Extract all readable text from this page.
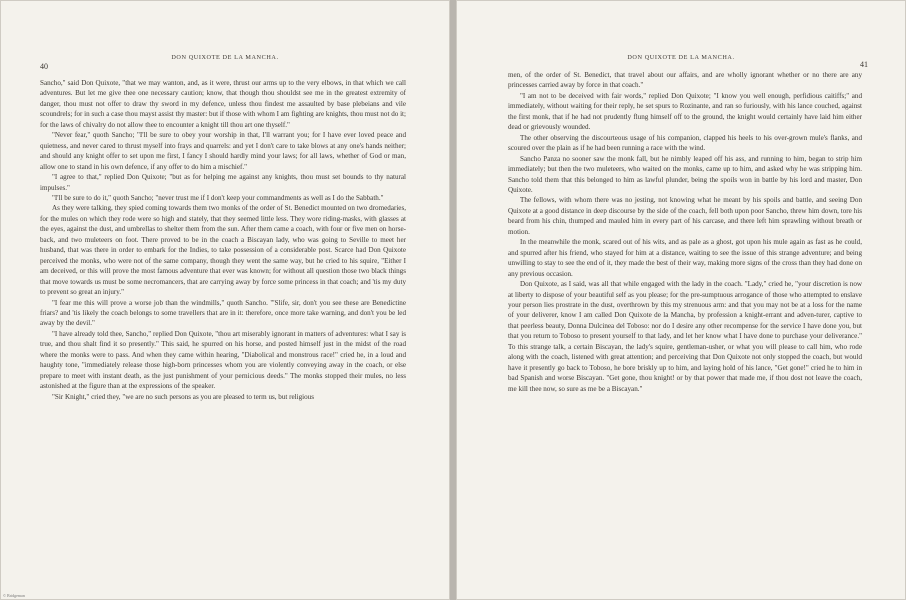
DON QUIXOTE DE LA MANCHA.
40

Sancho," said Don Quixote, "that we may wanton, and, as it were, thrust our arms up to the very elbows, in that which we call adventures. But let me give thee one necessary caution; know, that though thou shouldst see me in the greatest extremity of danger, thou must not offer to draw thy sword in my defence, unless thou findest me assaulted by base plebeians and vile scoundrels; for in such a case thou mayst assist thy master: but if those with whom I am fighting are knights, thou must not do it; for the laws of chivalry do not allow thee to encounter a knight till thou art one thyself."

"Never fear," quoth Sancho; "I'll be sure to obey your worship in that, I'll warrant you; for I have ever loved peace and quietness, and never cared to thrust myself into frays and quarrels: and yet I don't care to take blows at any one's hands neither; and should any knight offer to set upon me first, I fancy I should hardly mind your laws; for all laws, whether of God or man, allow one to stand in his own defence, if any offer to do him a mischief."

"I agree to that," replied Don Quixote; "but as for helping me against any knights, thou must set bounds to thy natural impulses."

"I'll be sure to do it," quoth Sancho; "never trust me if I don't keep your commandments as well as I do the Sabbath."

As they were talking, they spied coming towards them two monks of the order of St. Benedict mounted on two dromedaries, for the mules on which they rode were so high and stately, that they seemed little less. They wore riding-masks, with glasses at the eyes, against the dust, and umbrellas to shelter them from the sun. After them came a coach, with four or five men on horse-back, and two muleteers on foot. There proved to be in the coach a Biscayan lady, who was going to Seville to meet her husband, that was there in order to embark for the Indies, to take possession of a considerable post. Scarce had Don Quixote perceived the monks, who were not of the same company, though they went the same way, but he cried to his squire, "Either I am deceived, or this will prove the most famous adventure that ever was known; for without all question those two black things that move towards us must be some necromancers, that are carrying away by force some princess in that coach; and 'tis my duty to prevent so great an injury."

"I fear me this will prove a worse job than the windmills," quoth Sancho. "'Slife, sir, don't you see these are Benedictine friars? and 'tis likely the coach belongs to some travellers that are in it: therefore, once more take warning, and don't you be led away by the devil."

"I have already told thee, Sancho," replied Don Quixote, "thou art miserably ignorant in matters of adventures: what I say is true, and thou shalt find it so presently." This said, he spurred on his horse, and posted himself just in the midst of the road where the monks were to pass. And when they came within hearing, "Diabolical and monstrous race!" cried he, in a loud and haughty tone, "immediately release those high-born princesses whom you are violently conveying away in the coach, or else prepare to meet with instant death, as the just punishment of your pernicious deeds." The monks stopped their mules, no less astonished at the figure than at the expressions of the speaker.

"Sir Knight," cried they, "we are no such persons as you are pleased to term us, but religious

© Bridgeman
DON QUIXOTE DE LA MANCHA.
41

men, of the order of St. Benedict, that travel about our affairs, and are wholly ignorant whether or no there are any princesses carried away by force in that coach."

"I am not to be deceived with fair words," replied Don Quixote; "I know you well enough, perfidious caitiffs;" and immediately, without waiting for their reply, he set spurs to Rozinante, and ran so furiously, with his lance couched, against the first monk, that if he had not prudently flung himself off to the ground, the knight would certainly have laid him either dead or grievously wounded.

The other observing the discourteous usage of his companion, clapped his heels to his over-grown mule's flanks, and scoured over the plain as if he had been running a race with the wind.

Sancho Panza no sooner saw the monk fall, but he nimbly leaped off his ass, and running to him, began to strip him immediately; but then the two muleteers, who waited on the monks, came up to him, and asked why he was stripping him. Sancho told them that this belonged to him as lawful plunder, being the spoils won in battle by his lord and master, Don Quixote.

The fellows, with whom there was no jesting, not knowing what he meant by his spoils and battle, and seeing Don Quixote at a good distance in deep discourse by the side of the coach, fell both upon poor Sancho, threw him down, tore his beard from his chin, thumped and mauled him in every part of his carcase, and there left him sprawling without breath or motion.

In the meanwhile the monk, scared out of his wits, and as pale as a ghost, got upon his mule again as fast as he could, and spurred after his friend, who stayed for him at a distance, waiting to see the issue of this strange adventure; and being unwilling to stay to see the end of it, they made the best of their way, making more signs of the cross than they had done on any previous occasion.

Don Quixote, as I said, was all that while engaged with the lady in the coach. "Lady," cried he, "your discretion is now at liberty to dispose of your beautiful self as you please; for the pre-sumptuous arrogance of those who attempted to enslave your person lies prostrate in the dust, overthrown by this my strenuous arm: and that you may not be at a loss for the name of your deliverer, know I am called Don Quixote de la Mancha, by profession a knight-errant and adven-turer, captive to that peerless beauty, Donna Dulcinea del Toboso: nor do I desire any other recompense for the service I have done you, but that you return to Toboso to present yourself to that lady, and let her know what I have done to purchase your deliverance." To this strange talk, a certain Biscayan, the lady's squire, gentleman-usher, or what you will please to call him, who rode along with the coach, listened with great attention; and perceiving that Don Quixote not only stopped the coach, but would have it presently go back to Toboso, he bore briskly up to him, and laying hold of his lance, "Get gone!" cried he to him in bad Spanish and worse Biscayan. "Get gone, thou knight! or by that power that made me, if thou dost not leave the coach, me kill thee now, so sure as me be a Biscayan."
